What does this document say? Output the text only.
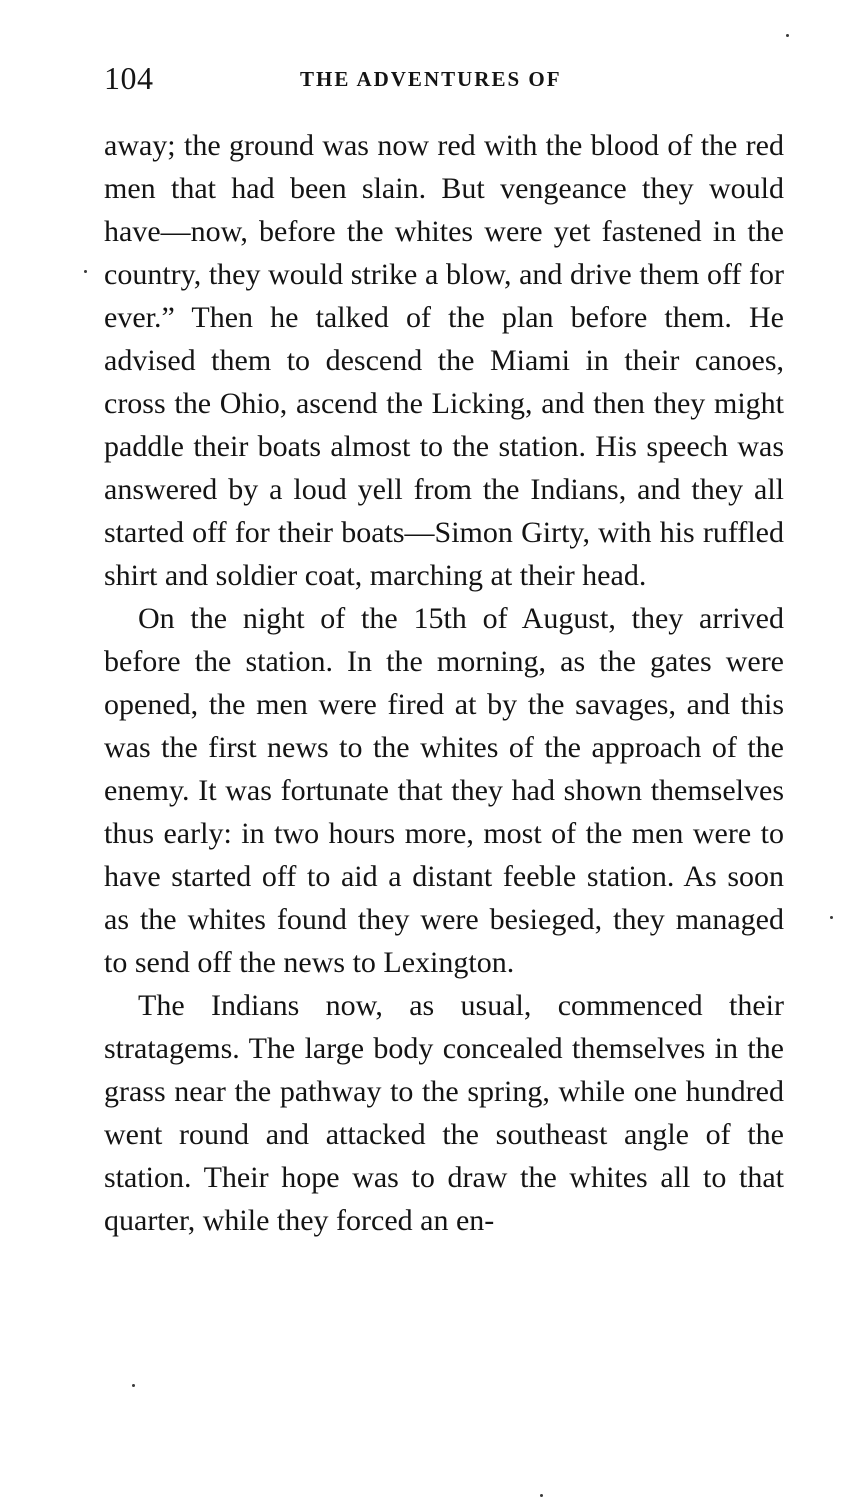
104	THE ADVENTURES OF

away; the ground was now red with the blood of the red men that had been slain. But vengeance they would have—now, before the whites were yet fastened in the country, they would strike a blow, and drive them off for ever.” Then he talked of the plan before them. He advised them to descend the Miami in their canoes, cross the Ohio, ascend the Licking, and then they might paddle their boats almost to the station. His speech was answered by a loud yell from the Indians, and they all started off for their boats—Simon Girty, with his ruffled shirt and soldier coat, marching at their head.

On the night of the 15th of August, they arrived before the station. In the morning, as the gates were opened, the men were fired at by the savages, and this was the first news to the whites of the approach of the enemy. It was fortunate that they had shown themselves thus early: in two hours more, most of the men were to have started off to aid a distant feeble station. As soon as the whites found they were besieged, they managed to send off the news to Lexington.

The Indians now, as usual, commenced their stratagems. The large body concealed themselves in the grass near the pathway to the spring, while one hundred went round and attacked the southeast angle of the station. Their hope was to draw the whites all to that quarter, while they forced an en-
